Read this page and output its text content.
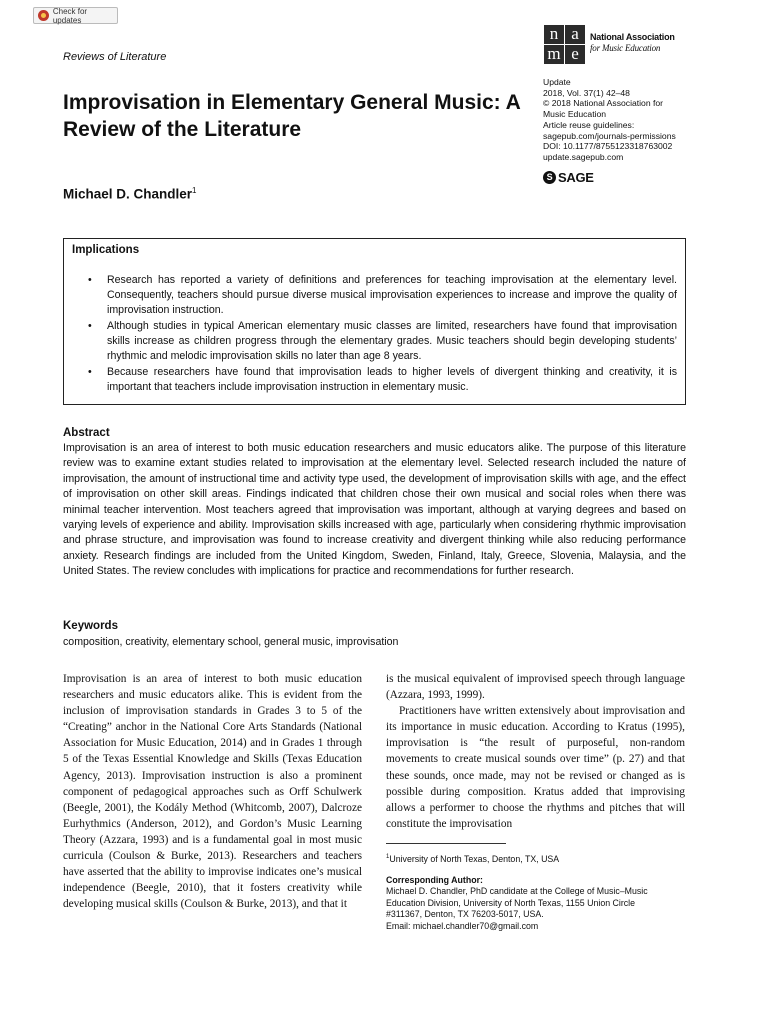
Check for updates
Reviews of Literature
n a
m e
National Association
for Music Education
Update
2018, Vol. 37(1) 42–48
© 2018 National Association for
Music Education
Article reuse guidelines:
sagepub.com/journals-permissions
DOI: 10.1177/8755123318763002
update.sagepub.com
S SAGE
Improvisation in Elementary General Music: A Review of the Literature
Michael D. Chandler$^1$
Implications
• Research has reported a variety of definitions and preferences for teaching improvisation at the elementary level. Consequently, teachers should pursue diverse musical improvisation experiences to increase and improve the quality of improvisation instruction.
• Although studies in typical American elementary music classes are limited, researchers have found that improvisation skills increase as children progress through the elementary grades. Music teachers should begin developing students’ rhythmic and melodic improvisation skills no later than age 8 years.
• Because researchers have found that improvisation leads to higher levels of divergent thinking and creativity, it is important that teachers include improvisation instruction in elementary music.
Abstract

Improvisation is an area of interest to both music education researchers and music educators alike. The purpose of this literature review was to examine extant studies related to improvisation at the elementary level. Selected research included the nature of improvisation, the amount of instructional time and activity type used, the development of improvisation skills with age, and the effect of improvisation on other skill areas. Findings indicated that children chose their own musical and social roles when there was minimal teacher intervention. Most teachers agreed that improvisation was important, although at varying degrees and based on varying levels of experience and ability. Improvisation skills increased with age, particularly when considering rhythmic improvisation and phrase structure, and improvisation was found to increase creativity and divergent thinking while also reducing performance anxiety. Research findings are included from the United Kingdom, Sweden, Finland, Italy, Greece, Slovenia, Malaysia, and the United States. The review concludes with implications for practice and recommendations for further research.

Keywords

composition, creativity, elementary school, general music, improvisation

Improvisation is an area of interest to both music education researchers and music educators alike. This is evident from the inclusion of improvisation standards in Grades 3 to 5 of the “Creating” anchor in the National Core Arts Standards (National Association for Music Education, 2014) and in Grades 1 through 5 of the Texas Essential Knowledge and Skills (Texas Education Agency, 2013). Improvisation instruction is also a prominent component of pedagogical approaches such as Orff Schulwerk (Beegle, 2001), the Kodály Method (Whitcomb, 2007), Dalcroze Eurhythmics (Anderson, 2012), and Gordon’s Music Learning Theory (Azzara, 1993) and is a fundamental goal in most music curricula (Coulson & Burke, 2013). Researchers and teachers have asserted that the ability to improvise indicates one’s musical independence (Beegle, 2010), that it fosters creativity while developing musical skills (Coulson & Burke, 2013), and that it

is the musical equivalent of improvised speech through language (Azzara, 1993, 1999).

Practitioners have written extensively about improvisation and its importance in music education. According to Kratus (1995), improvisation is “the result of purposeful, non-random movements to create musical sounds over time” (p. 27) and that these sounds, once made, may not be revised or changed as is possible during composition. Kratus added that improvising allows a performer to choose the rhythms and pitches that will constitute the improvisation

$^1$University of North Texas, Denton, TX, USA
Corresponding Author:
Michael D. Chandler, PhD candidate at the College of Music–Music
Education Division, University of North Texas, 1155 Union Circle
#311367, Denton, TX 76203-5017, USA.
Email: michael.chandler70@gmail.com
